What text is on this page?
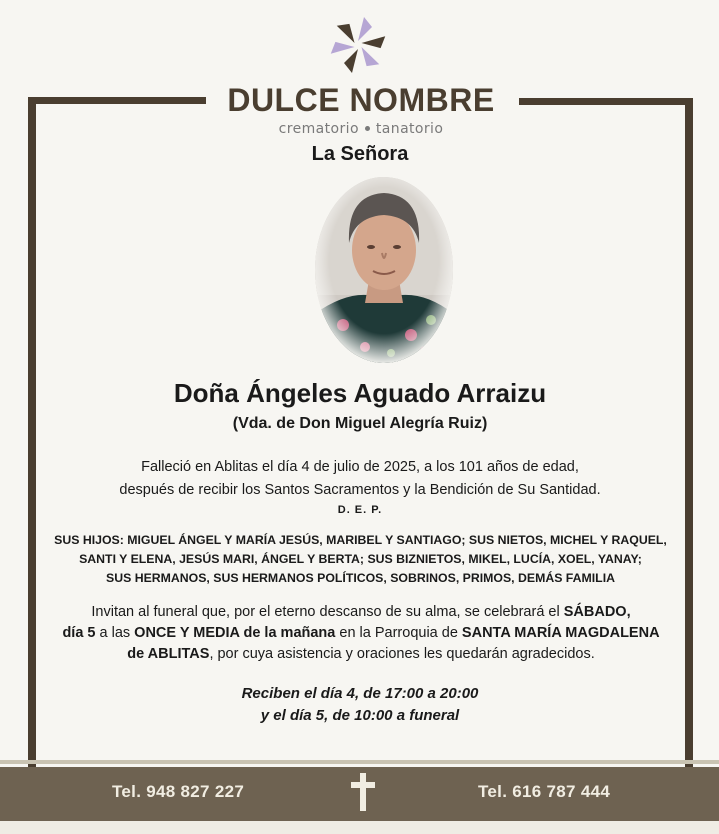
DULCE NOMBRE
crematorio tanatorio
La Señora
Doña Ángeles Aguado Arraizu
(Vda. de Don Miguel Alegría Ruiz)
Falleció en Ablitas el día 4 de julio de 2025, a los 101 años de edad,
después de recibir los Santos Sacramentos y la Bendición de Su Santidad.
D. E. P.
SUS HIJOS: MIGUEL ÁNGEL Y MARÍA JESÚS, MARIBEL Y SANTIAGO; SUS NIETOS, MICHEL Y RAQUEL,
SANTI Y ELENA, JESÚS MARI, ÁNGEL Y BERTA; SUS BIZNIETOS, MIKEL, LUCÍA, XOEL, YANAY;
SUS HERMANOS, SUS HERMANOS POLÍTICOS, SOBRINOS, PRIMOS, DEMÁS FAMILIA
Invitan al funeral que, por el eterno descanso de su alma, se celebrará el SÁBADO,
día 5 a las ONCE Y MEDIA de la mañana en la Parroquia de SANTA MARÍA MAGDALENA
de ABLITAS, por cuya asistencia y oraciones les quedarán agradecidos.
Reciben el día 4, de 17:00 a 20:00
y el día 5, de 10:00 a funeral
Tel. 948 827 227	Tel. 616 787 444
